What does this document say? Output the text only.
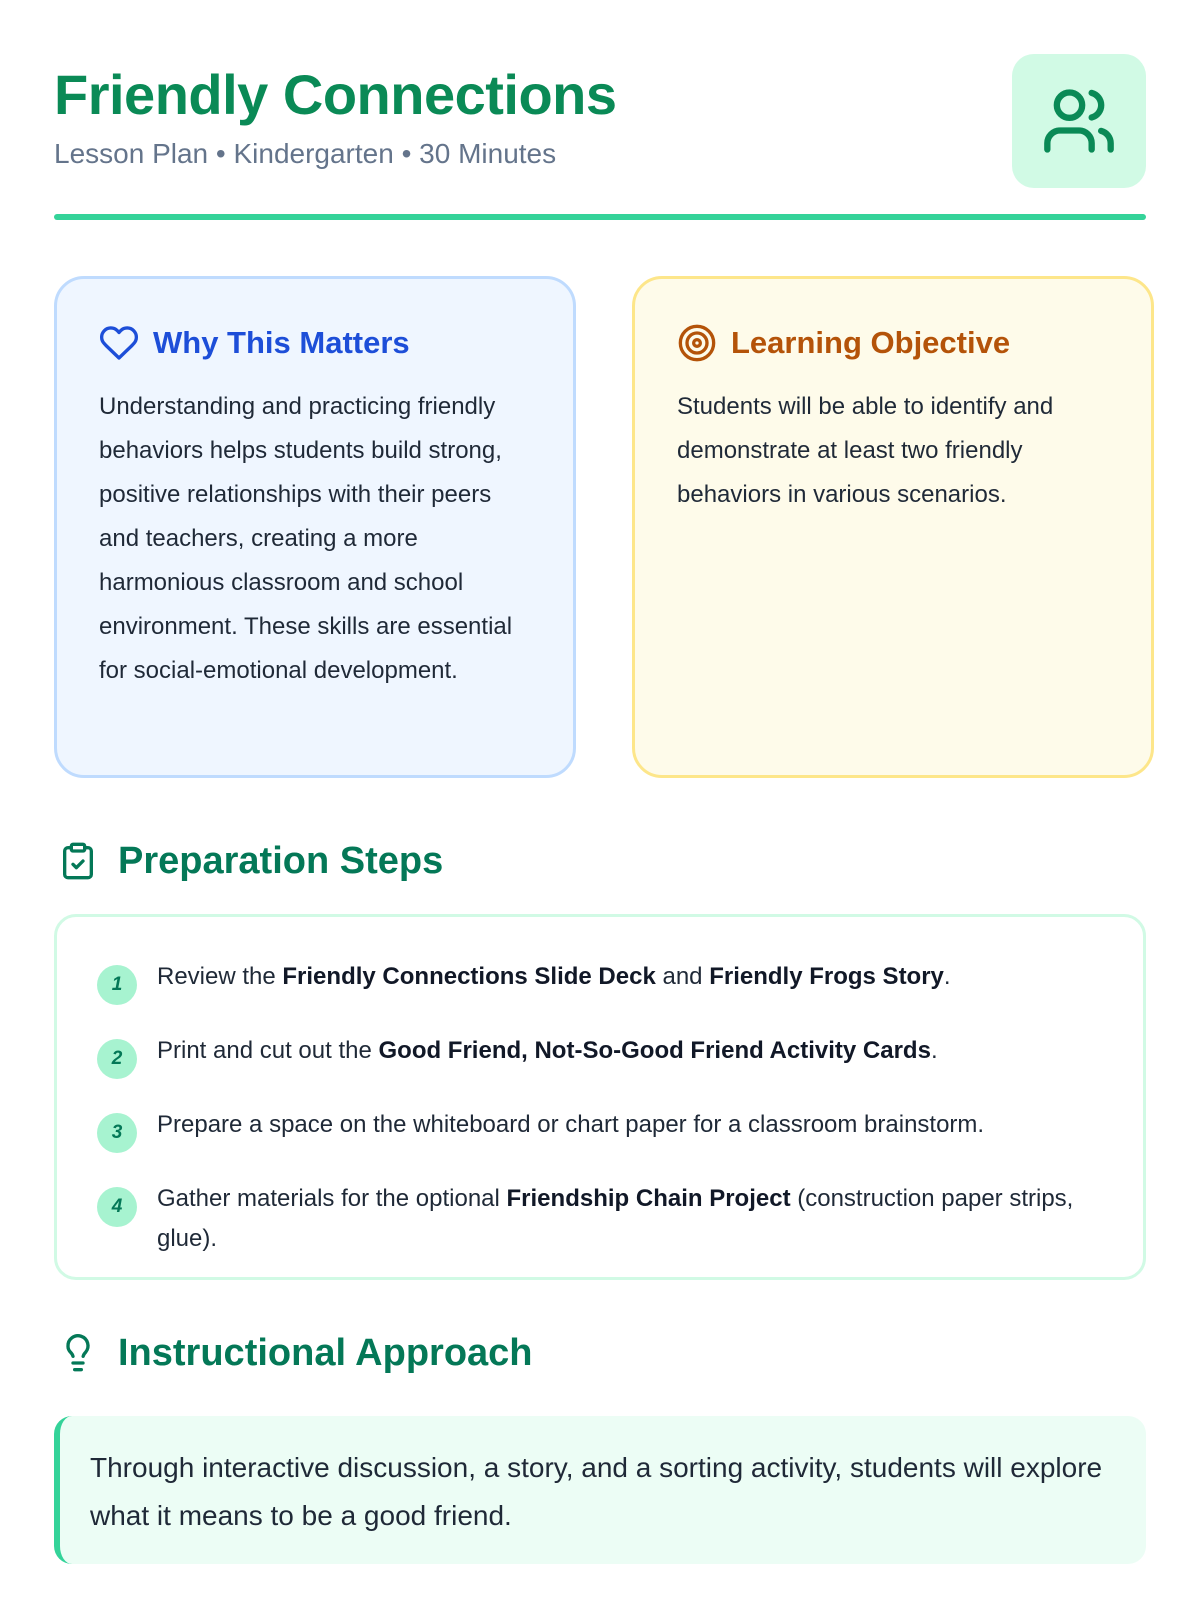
Friendly Connections
Lesson Plan • Kindergarten • 30 Minutes
Why This Matters

Understanding and practicing friendly behaviors helps students build strong, positive relationships with their peers and teachers, creating a more harmonious classroom and school environment. These skills are essential for social-emotional development.

Learning Objective

Students will be able to identify and demonstrate at least two friendly behaviors in various scenarios.

Preparation Steps
1	Review the Friendly Connections Slide Deck and Friendly Frogs Story.
2	Print and cut out the Good Friend, Not-So-Good Friend Activity Cards.
3	Prepare a space on the whiteboard or chart paper for a classroom brainstorm.
4	Gather materials for the optional Friendship Chain Project (construction paper strips, glue).
Instructional Approach

Through interactive discussion, a story, and a sorting activity, students will explore what it means to be a good friend.
